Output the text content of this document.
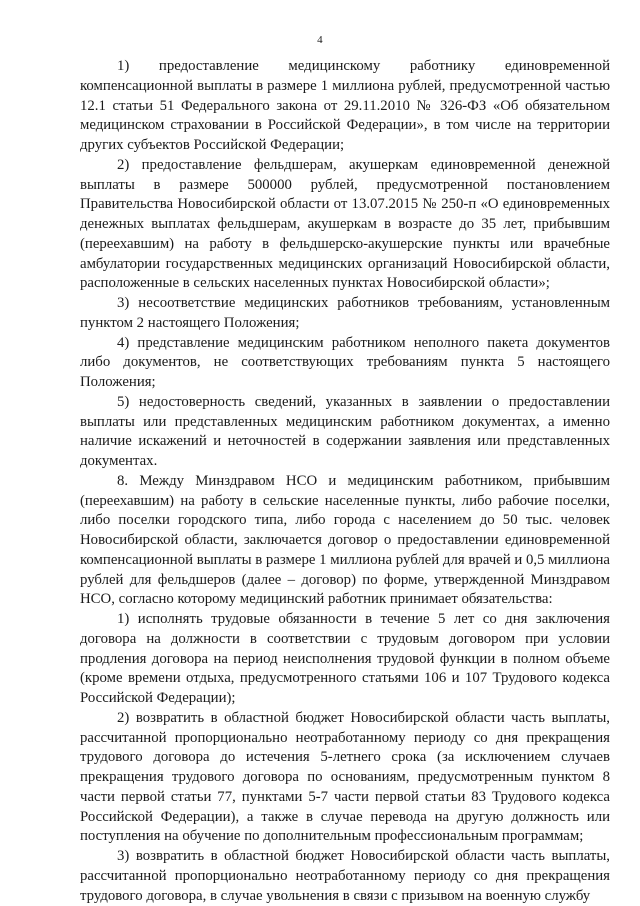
4

1) предоставление медицинскому работнику единовременной компенсационной выплаты в размере 1 миллиона рублей, предусмотренной частью 12.1 статьи 51 Федерального закона от 29.11.2010 № 326-ФЗ «Об обязательном медицинском страховании в Российской Федерации», в том числе на территории других субъектов Российской Федерации;

2) предоставление фельдшерам, акушеркам единовременной денежной выплаты в размере 500000 рублей, предусмотренной постановлением Правительства Новосибирской области от 13.07.2015 № 250-п «О единовременных денежных выплатах фельдшерам, акушеркам в возрасте до 35 лет, прибывшим (переехавшим) на работу в фельдшерско-акушерские пункты или врачебные амбулатории государственных медицинских организаций Новосибирской области, расположенные в сельских населенных пунктах Новосибирской области»;

3) несоответствие медицинских работников требованиям, установленным пунктом 2 настоящего Положения;

4) представление медицинским работником неполного пакета документов либо документов, не соответствующих требованиям пункта 5 настоящего Положения;

5) недостоверность сведений, указанных в заявлении о предоставлении выплаты или представленных медицинским работником документах, а именно наличие искажений и неточностей в содержании заявления или представленных документах.

8. Между Минздравом НСО и медицинским работником, прибывшим (переехавшим) на работу в сельские населенные пункты, либо рабочие поселки, либо поселки городского типа, либо города с населением до 50 тыс. человек Новосибирской области, заключается договор о предоставлении единовременной компенсационной выплаты в размере 1 миллиона рублей для врачей и 0,5 миллиона рублей для фельдшеров (далее – договор) по форме, утвержденной Минздравом НСО, согласно которому медицинский работник принимает обязательства:

1) исполнять трудовые обязанности в течение 5 лет со дня заключения договора на должности в соответствии с трудовым договором при условии продления договора на период неисполнения трудовой функции в полном объеме (кроме времени отдыха, предусмотренного статьями 106 и 107 Трудового кодекса Российской Федерации);

2) возвратить в областной бюджет Новосибирской области часть выплаты, рассчитанной пропорционально неотработанному периоду со дня прекращения трудового договора до истечения 5-летнего срока (за исключением случаев прекращения трудового договора по основаниям, предусмотренным пунктом 8 части первой статьи 77, пунктами 5-7 части первой статьи 83 Трудового кодекса Российской Федерации), а также в случае перевода на другую должность или поступления на обучение по дополнительным профессиональным программам;

3) возвратить в областной бюджет Новосибирской области часть выплаты, рассчитанной пропорционально неотработанному периоду со дня прекращения трудового договора, в случае увольнения в связи с призывом на военную службу
